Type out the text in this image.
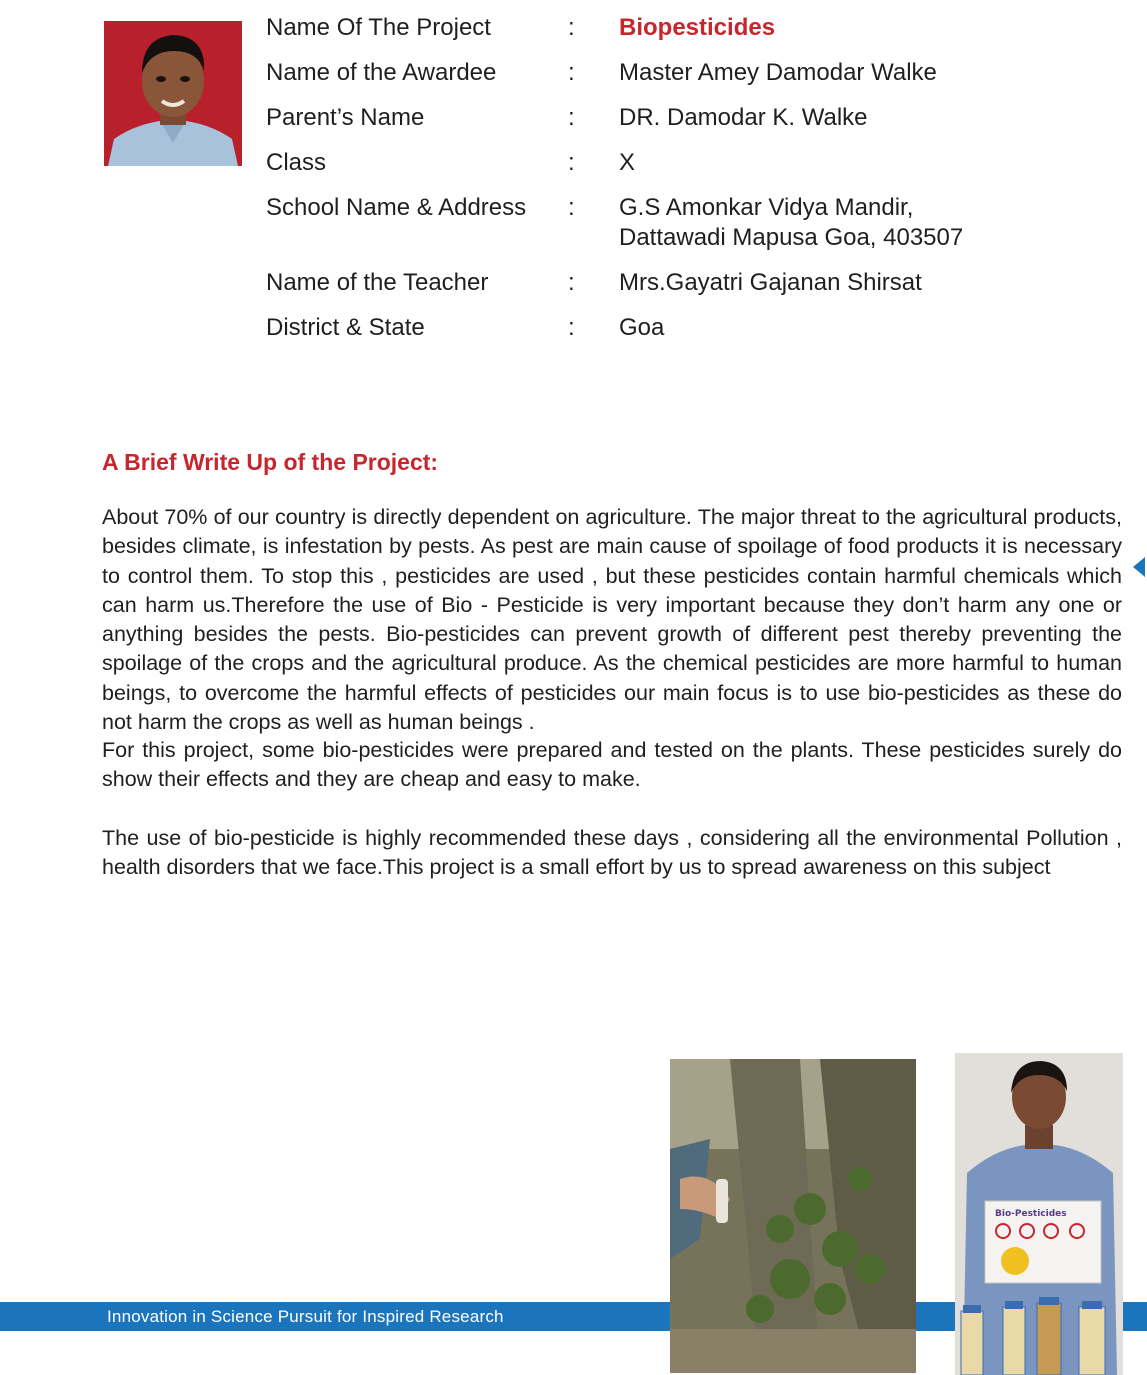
Name Of The Project	: Biopesticides
Name of the Awardee	: Master Amey Damodar Walke
Parent’s Name	: DR. Damodar K. Walke
Class	: X
School Name & Address : G.S Amonkar Vidya Mandir,
Dattawadi Mapusa Goa, 403507
Name of the Teacher	: Mrs.Gayatri Gajanan Shirsat
District & State	: Goa
A Brief Write Up of the Project:

About 70% of our country is directly dependent on agriculture. The major threat to the agricultural products, besides climate, is infestation by pests. As pest are main cause of spoilage of food products it is necessary to control them. To stop this , pesticides are used , but these pesticides contain harmful chemicals which can harm us.Therefore the use of Bio - Pesticide is very important because they don’t harm any one or anything besides the pests. Bio-pesticides can prevent growth of different pest thereby preventing the spoilage of the crops and the agricultural produce. As the chemical pesticides are more harmful to human beings, to overcome the harmful effects of pesticides our main focus is to use bio-pesticides as these do not harm the crops as well as human beings .

For this project, some bio-pesticides were prepared and tested on the plants. These pesticides surely do show their effects and they are cheap and easy to make.

The use of bio-pesticide is highly recommended these days , considering all the environmental Pollution , health disorders that we face.This project is a small effort by us to spread awareness on this subject

Innovation in Science Pursuit for Inspired Research
Bio-Pesticides
